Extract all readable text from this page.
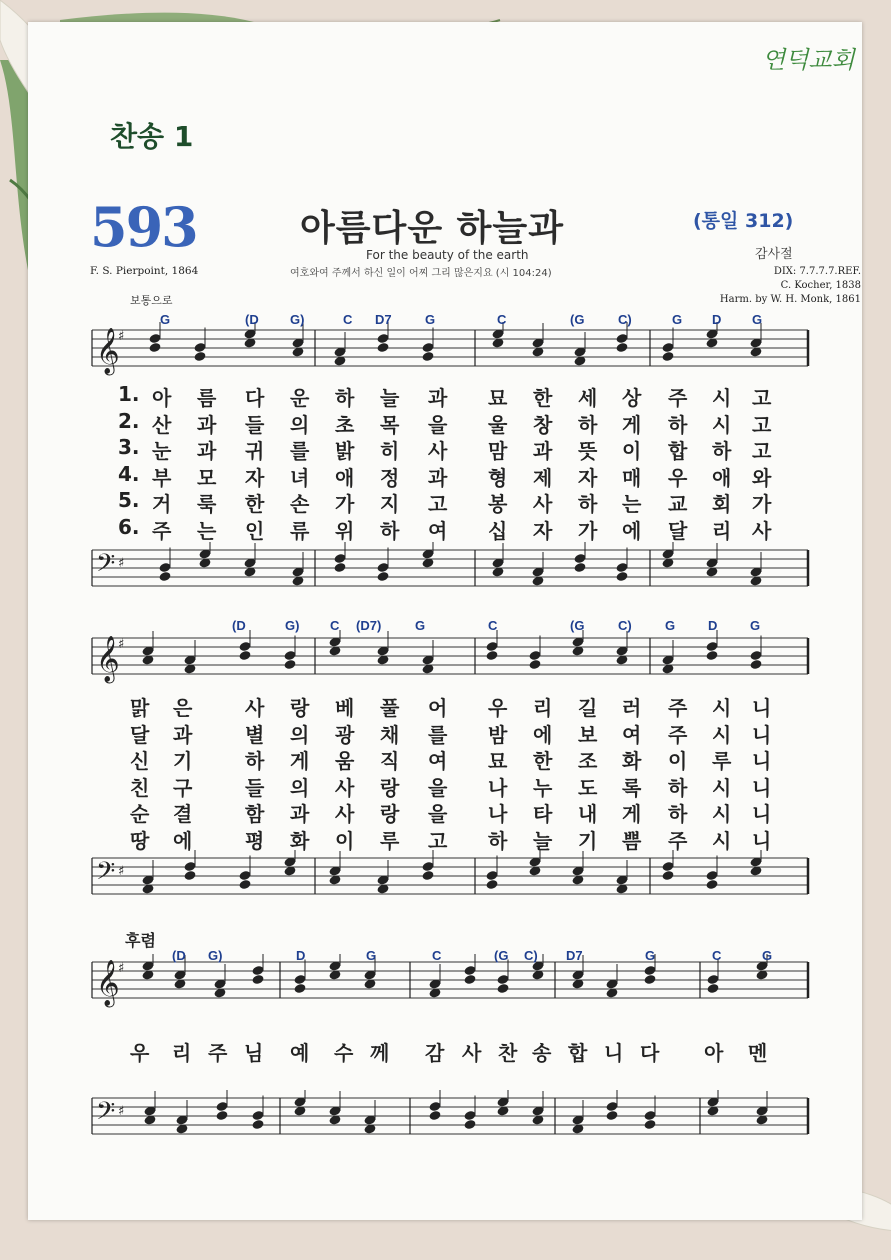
찬송 1
연덕교회
593	아름다운 하늘과
For the beauty of the earth
여호와여 주께서 하신 일이 어찌 그리 많은지요 (시 104:24)
(통일 312)
감사절
F. S. Pierpoint, 1864	DIX: 7.7.7.7.REF.
C. Kocher, 1838
Harm. by W. H. Monk, 1861
보통으로
후렴
𝄞
♯
G	(D G)	C D7	G	C	(G	C)	G D G
1. 아 름 다 운 하 늘 과 묘 한 세 상 주 시 고
2. 산 과 들 의 초 목 을 울 창 하 게 하 시 고
3. 눈 과 귀 를 밝 히 사 맘 과 뜻 이 합 하 고
4. 부 모 자 녀 애 정 과 형 제 자 매 우 애 와
5. 거 룩 한 손 가 지 고 봉 사 하 는 교 회 가
6. 주 는 인 류 위 하 여 십 자 가 에 달 리 사
𝄢 ♯
𝄞
♯
(D	G) C (D7)	G	C	(G	C)	G	D	G
맑 은	사 랑 베 풀 어 우 리 길 러 주 시 니
달 과	별 의 광 채 를 밤 에 보 여 주 시 니
신 기	하 게 움 직 여 묘 한 조 화 이 루 니
친 구	들 의 사 랑 을 나 누 도 록 하 시 니
순 결	함 과 사 랑 을 나 타 내 게 하 시 니
땅 에	평 화 이 루 고 하 늘 기 쁨 주 시 니
𝄢 ♯
𝄞
♯
(D G)	D	G	C	(G C) D7	G	C	G
우 리 주 님 예 수 께 감 사 찬 송 합 니 다 아 멘
𝄢 ♯
